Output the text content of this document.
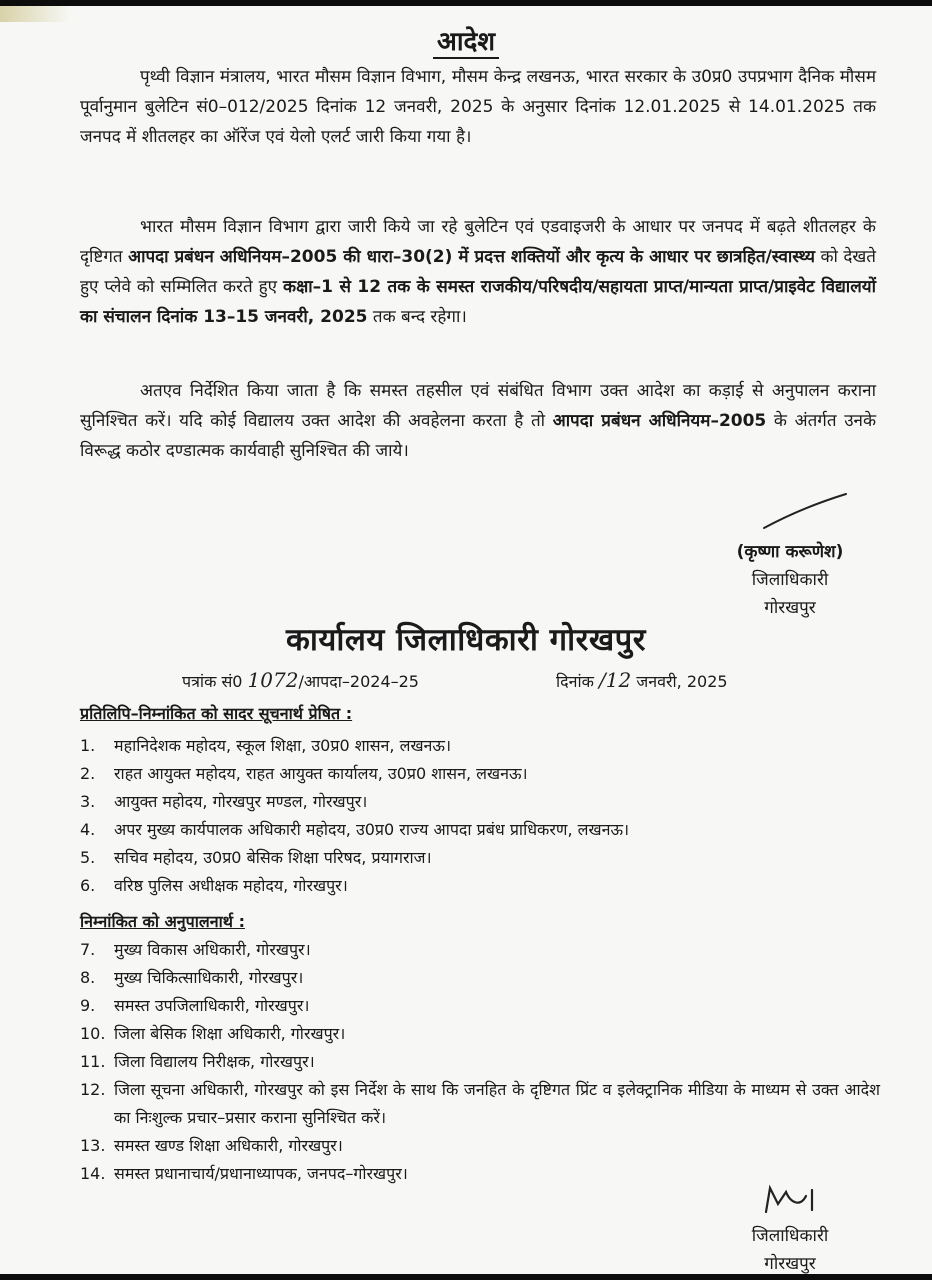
आदेश

पृथ्वी विज्ञान मंत्रालय, भारत मौसम विज्ञान विभाग, मौसम केन्द्र लखनऊ, भारत सरकार के उ0प्र0 उपप्रभाग दैनिक मौसम पूर्वानुमान बुलेटिन सं0–012/2025 दिनांक 12 जनवरी, 2025 के अनुसार दिनांक 12.01.2025 से 14.01.2025 तक जनपद में शीतलहर का ऑरेंज एवं येलो एलर्ट जारी किया गया है।

भारत मौसम विज्ञान विभाग द्वारा जारी किये जा रहे बुलेटिन एवं एडवाइजरी के आधार पर जनपद में बढ़ते शीतलहर के दृष्टिगत आपदा प्रबंधन अधिनियम–2005 की धारा–30(2) में प्रदत्त शक्तियों और कृत्य के आधार पर छात्रहित/स्वास्थ्य को देखते हुए प्लेवे को सम्मिलित करते हुए कक्षा–1 से 12 तक के समस्त राजकीय/परिषदीय/सहायता प्राप्त/मान्यता प्राप्त/प्राइवेट विद्यालयों का संचालन दिनांक 13–15 जनवरी, 2025 तक बन्द रहेगा।

अतएव निर्देशित किया जाता है कि समस्त तहसील एवं संबंधित विभाग उक्त आदेश का कड़ाई से अनुपालन कराना सुनिश्चित करें। यदि कोई विद्यालय उक्त आदेश की अवहेलना करता है तो आपदा प्रबंधन अधिनियम–2005 के अंतर्गत उनके विरूद्ध कठोर दण्डात्मक कार्यवाही सुनिश्चित की जाये।

(कृष्णा करूणेश)
जिलाधिकारी
गोरखपुर
कार्यालय जिलाधिकारी गोरखपुर
पत्रांक सं0 1072/आपदा–2024–25	दिनांक /12 जनवरी, 2025
प्रतिलिपि–निम्नांकित को सादर सूचनार्थ प्रेषित :
1.	महानिदेशक महोदय, स्कूल शिक्षा, उ0प्र0 शासन, लखनऊ।
2.	राहत आयुक्त महोदय, राहत आयुक्त कार्यालय, उ0प्र0 शासन, लखनऊ।
3.	आयुक्त महोदय, गोरखपुर मण्डल, गोरखपुर।
4.	अपर मुख्य कार्यपालक अधिकारी महोदय, उ0प्र0 राज्य आपदा प्रबंध प्राधिकरण, लखनऊ।
5.	सचिव महोदय, उ0प्र0 बेसिक शिक्षा परिषद, प्रयागराज।
6.	वरिष्ठ पुलिस अधीक्षक महोदय, गोरखपुर।
निम्नांकित को अनुपालनार्थ :
7.	मुख्य विकास अधिकारी, गोरखपुर।
8.	मुख्य चिकित्साधिकारी, गोरखपुर।
9.	समस्त उपजिलाधिकारी, गोरखपुर।
10. जिला बेसिक शिक्षा अधिकारी, गोरखपुर।
11. जिला विद्यालय निरीक्षक, गोरखपुर।
12. जिला सूचना अधिकारी, गोरखपुर को इस निर्देश के साथ कि जनहित के दृष्टिगत प्रिंट व इलेक्ट्रानिक मीडिया के माध्यम से उक्त आदेश का निःशुल्क प्रचार–प्रसार कराना सुनिश्चित करें।
13. समस्त खण्ड शिक्षा अधिकारी, गोरखपुर।
14. समस्त प्रधानाचार्य/प्रधानाध्यापक, जनपद–गोरखपुर।
जिलाधिकारी
गोरखपुर
